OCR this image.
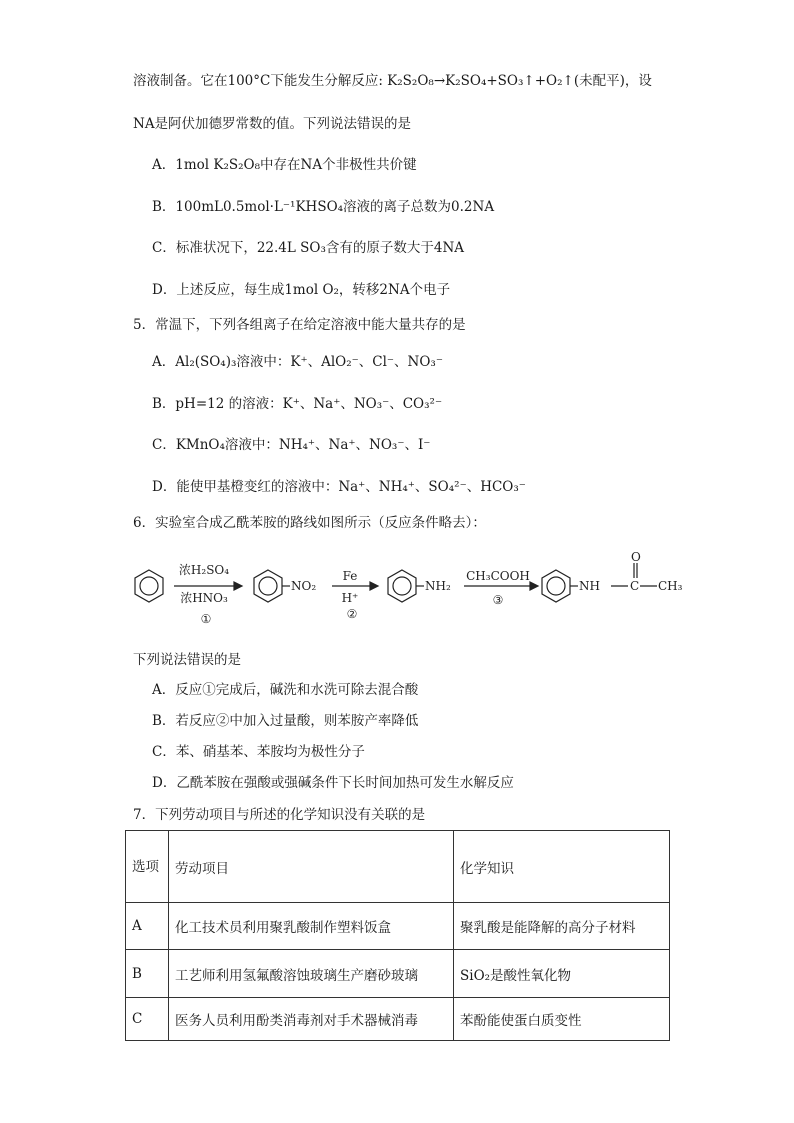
溶液制备。它在100°C下能发生分解反应: K₂S₂O₈→K₂SO₄+SO₃↑+O₂↑(未配平)，设
NA是阿伏加德罗常数的值。下列说法错误的是
A．1mol K₂S₂O₈中存在NA个非极性共价键
B．100mL0.5mol·L⁻¹KHSO₄溶液的离子总数为0.2NA
C．标准状况下，22.4L SO₃含有的原子数大于4NA
D．上述反应，每生成1mol O₂，转移2NA个电子
5．常温下，下列各组离子在给定溶液中能大量共存的是
A．Al₂(SO₄)₃溶液中：K⁺、AlO₂⁻、Cl⁻、NO₃⁻
B．pH=12 的溶液：K⁺、Na⁺、NO₃⁻、CO₃²⁻
C．KMnO₄溶液中：NH₄⁺、Na⁺、NO₃⁻、I⁻
D．能使甲基橙变红的溶液中：Na⁺、NH₄⁺、SO₄²⁻、HCO₃⁻
6．实验室合成乙酰苯胺的路线如图所示（反应条件略去）：
浓H₂SO₄
浓HNO₃
①
NO₂
Fe
H⁺
②
NH₂
CH₃COOH
③
NH	C
O
CH₃
下列说法错误的是
A．反应①完成后，碱洗和水洗可除去混合酸
B．若反应②中加入过量酸，则苯胺产率降低
C．苯、硝基苯、苯胺均为极性分子
D．乙酰苯胺在强酸或强碱条件下长时间加热可发生水解反应
7．下列劳动项目与所述的化学知识没有关联的是
选项	劳动项目	化学知识
A	化工技术员利用聚乳酸制作塑料饭盒	聚乳酸是能降解的高分子材料
B	工艺师利用氢氟酸溶蚀玻璃生产磨砂玻璃	SiO₂是酸性氧化物
C	医务人员利用酚类消毒剂对手术器械消毒	苯酚能使蛋白质变性
